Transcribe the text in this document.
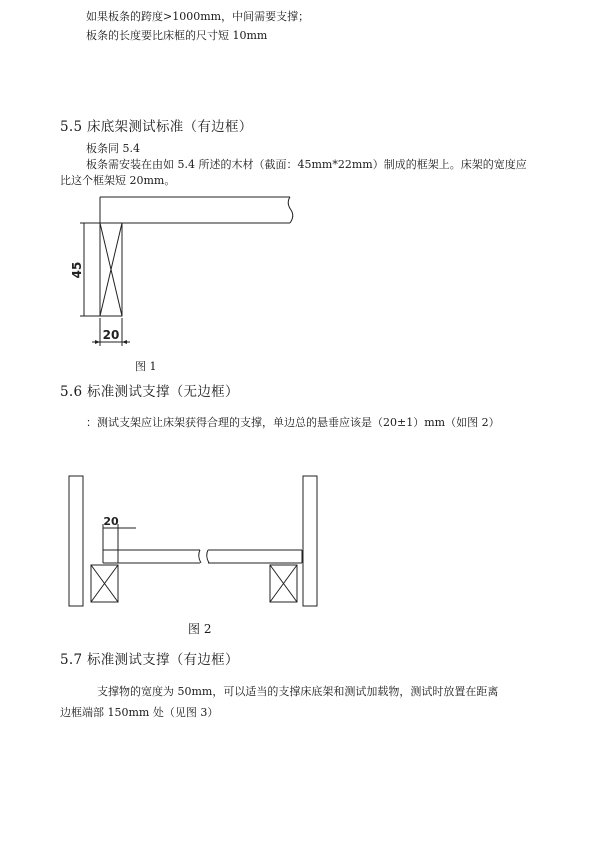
如果板条的跨度>1000mm，中间需要支撑；
板条的长度要比床框的尺寸短 10mm
5.5 床底架测试标准（有边框）
板条同 5.4
板条需安装在由如 5.4 所述的木材（截面：45mm*22mm）制成的框架上。床架的宽度应
比这个框架短 20mm。
45
20
图 1
5.6 标准测试支撑（无边框）
：测试支架应让床架获得合理的支撑，单边总的悬垂应该是（20±1）mm（如图 2）
20
图 2
5.7 标准测试支撑（有边框）
支撑物的宽度为 50mm，可以适当的支撑床底架和测试加载物，测试时放置在距离
边框端部 150mm 处（见图 3）
